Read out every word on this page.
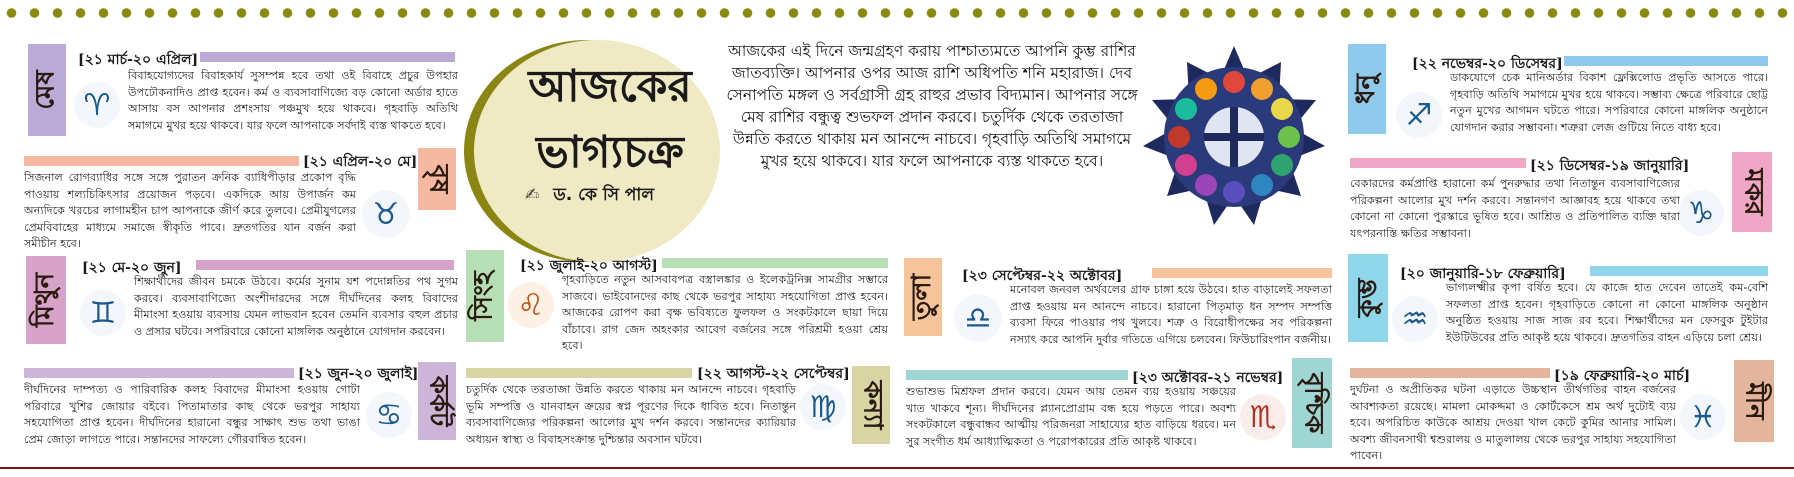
আজকের ভাগ্যচক্র
✍ ড. কে সি পাল
আজকের এই দিনে জন্মগ্রহণ করায় পাশ্চাত্যমতে আপনি কুম্ভ রাশির জাতব্যক্তি। আপনার ওপর আজ রাশি অধিপতি শনি মহারাজ। দেব সেনাপতি মঙ্গল ও সর্বগ্রাসী গ্রহ রাহুর প্রভাব বিদ্যমান। আপনার সঙ্গে মেষ রাশির বন্ধুত্ব শুভফল প্রদান করবে। চতুর্দিক থেকে তরতাজা উন্নতি করতে থাকায় মন আনন্দে নাচবে। গৃহবাড়ি অতিথি সমাগমে মুখর হয়ে থাকবে। যার ফলে আপনাকে ব্যস্ত থাকতে হবে।
মেষ
[২১ মার্চ-২০ এপ্রিল]
♈
বিবাহযোগ্যদের বিবাহকার্য সুসম্পন্ন হবে তথা ওই বিবাহে প্রচুর উপহার উপঢৌকনাদিও প্রাপ্ত হবেন। কর্ম ও ব্যবসাবাণিজ্যে বড় কোনো অর্ডার হাতে আসায় বস আপনার প্রশংসায় পঞ্চমুখ হয়ে থাকবে। গৃহবাড়ি অতিথি সমাগমে মুখর হয়ে থাকবে। যার ফলে আপনাকে সর্বদাই ব্যস্ত থাকতে হবে।
বৃষ
[২১ এপ্রিল-২০ মে]
♉
সিজনাল রোগব্যাধির সঙ্গে সঙ্গে পুরাতন ক্রনিক ব্যাধিপীড়ার প্রকোপ বৃদ্ধি পাওয়ায় শল্যচিকিৎসার প্রয়োজন পড়বে। একদিকে আয় উপার্জন কম অন্যদিকে খরচের লাগামহীন চাপ আপনাকে জীর্ণ করে তুলবে। প্রেমীযুগলের প্রেমবিবাহের মাধ্যমে সমাজে স্বীকৃতি পাবে। দ্রুতগতির যান বর্জন করা সমীচীন হবে।
মিথুন
[২১ মে-২০ জুন]
♊
শিক্ষার্থীদের জীবন চমকে উঠবে। কর্মের সুনাম যশ পদোন্নতির পথ সুগম করবে। ব্যবসাবাণিজ্যে অংশীদারদের সঙ্গে দীর্ঘদিনের কলহ বিবাদের মীমাংসা হওয়ায় ব্যবসায় যেমন লাভবান হবেন তেমনি ব্যবসার বহুল প্রচার ও প্রসার ঘটবে। সপরিবারে কোনো মাঙ্গলিক অনুষ্ঠানে যোগদান করবেন।
কর্কট
[২১ জুন-২০ জুলাই]
♋
দীর্ঘদিনের দাম্পত্য ও পারিবারিক কলহ বিবাদের মীমাংসা হওয়ায় গোটা পরিবারে খুশির জোয়ার বইবে। পিতামাতার কাছ থেকে ভরপুর সাহায্য সহযোগিতা প্রাপ্ত হবেন। দীর্ঘদিনের হারানো বন্ধুর সাক্ষাৎ শুভ তথা ভাঙা প্রেম জোড়া লাগতে পারে। সন্তানদের সাফল্যে গৌরবান্বিত হবেন।
সিংহ
[২১ জুলাই-২০ আগস্ট]
♌
গৃহবাড়িতে নতুন আসবাবপত্র বস্ত্রালঙ্কার ও ইলেকট্রনিক্স সামগ্রীর সম্ভারে সাজবে। ভাইবোনদের কাছ থেকে ভরপুর সাহায্য সহযোগিতা প্রাপ্ত হবেন। আজকের রোপণ করা বৃক্ষ ভবিষ্যতে ফুলফল ও সংকটকালে ছায়া দিয়ে বাঁচাবে। রাগ জেদ অহংকার আবেগ বর্জনের সঙ্গে পরিশ্রমী হওয়া শ্রেয় হবে।
কন্যা
[২২ আগস্ট-২২ সেপ্টেম্বর]
♍
চতুর্দিক থেকে তরতাজা উন্নতি করতে থাকায় মন আনন্দে নাচবে। গৃহবাড়ি ভূমি সম্পত্তি ও যানবাহন ক্রয়ের স্বপ্ন পূরণের দিকে ধাবিত হবে। নিতান্তুন ব্যবসাবাণিজ্যের পরিকল্পনা আলোর মুখ দর্শন করবে। সন্তানদের ক্যারিয়ার অধ্যয়ন স্বাস্থ্য ও বিবাহসংক্রান্ত দুশ্চিন্তার অবসান ঘটবে।
তুলা	[২৩ সেপ্টেম্বর-২২ অক্টোবর]
♎
মনোবল জনবল অর্থবলের গ্রাফ চাঙ্গা হয়ে উঠবে। হাত বাড়ালেই সফলতা প্রাপ্ত হওয়ায় মন আনন্দে নাচবে। হারানো পিতৃমাতৃ ধন সম্পদ সম্পত্তি ব্যবসা ফিরে পাওয়ার পথ খুলবে। শত্রু ও বিরোধীপক্ষের সব পরিকল্পনা নস্যাৎ করে আপনি দুর্বার গতিতে এগিয়ে চলবেন। ফিউচারিংপান বর্জনীয়।
বৃশ্চিক
[২৩ অক্টোবর-২১ নভেম্বর]
♏
শুভাশুভ মিশ্রফল প্রদান করবে। যেমন আয় তেমন ব্যয় হওয়ায় সঞ্চয়ের খাত খাকবে শূন্য। দীর্ঘদিনের প্ল্যানপ্রোগ্রাম বন্ধ হয়ে পড়তে পারে। অবশ্য সংকটকালে বন্ধুবান্ধব আত্মীয় পরিজনরা সাহায্যের হাত বাড়িয়ে ধরবে। মন সুর সংগীত ধর্ম আধ্যাত্মিকতা ও পরোপকারের প্রতি আকৃষ্ট থাকবে।
ধনু
[২২ নভেম্বর-২০ ডিসেম্বর]
♐
ডাকযোগে চেক মানিঅর্ডার বিকাশ ফ্লেক্সিলোড প্রভৃতি আসতে পারে। গৃহবাড়ি অতিথি সমাগমে মুখর হয়ে থাকবে। সম্ভাব্য ক্ষেত্রে পরিবারে ছোট্ট নতুন মুখের আগমন ঘটতে পারে। সপরিবারে কোনো মাঙ্গলিক অনুষ্ঠানে যোগদান করার সম্ভাবনা। শত্রুরা লেজ গুটিয়ে নিতে বাধ্য হবে।
মকর
[২১ ডিসেম্বর-১৯ জানুয়ারি]
♑
বেকারদের কর্মপ্রাপ্তি হারানো কর্ম পুনরুদ্ধার তথা নিতান্তুন ব্যবসাবাণিজ্যের পরিকল্পনা আলোর মুখ দর্শন করবে। সন্তানগণ আজ্ঞাবহ হয়ে থাকবে তথা কোনো না কোনো পুরস্কারে ভূষিত হবে। আশ্রিত ও প্রতিপালিত ব্যক্তি দ্বারা যৎপরনাস্তি ক্ষতির সম্ভাবনা।
কুম্ভ
[২০ জানুয়ারি-১৮ ফেব্রুয়ারি]
♒
ভাগ্যলক্ষ্মীর কৃপা বর্ষিত হবে। যে কাজে হাত দেবেন তাতেই কম-বেশি সফলতা প্রাপ্ত হবেন। গৃহবাড়িতে কোনো না কোনো মাঙ্গলিক অনুষ্ঠান অনুষ্ঠিত হওয়ায় সাজ সাজ রব হবে। শিক্ষার্থীদের মন ফেসবুক টুইটার ইউটিউবের প্রতি আকৃষ্ট হয়ে থাকবে। দ্রুতগতির বাহন এড়িয়ে চলা শ্রেয়।
মীন
[১৯ ফেব্রুয়ারি-২০ মার্চ]
♓
দুর্ঘটনা ও অপ্রীতিকর ঘটনা এড়াতে উচ্চস্থান তীর্থগতির বাহন বর্জনের আবশ্যকতা রয়েছে। মামলা মোকদ্দমা ও কোর্টকেসে শ্রম অর্থ দুটোই ব্যয় হবে। অপরিচিত কাউকে আশ্রয় দেওয়া খাল কেটে কুমির আনার সামিল। অবশ্য জীবনসাথী শ্বশুরালয় ও মাতুলালয় থেকে ভরপুর সাহায্য সহযোগিতা পাবেন।
